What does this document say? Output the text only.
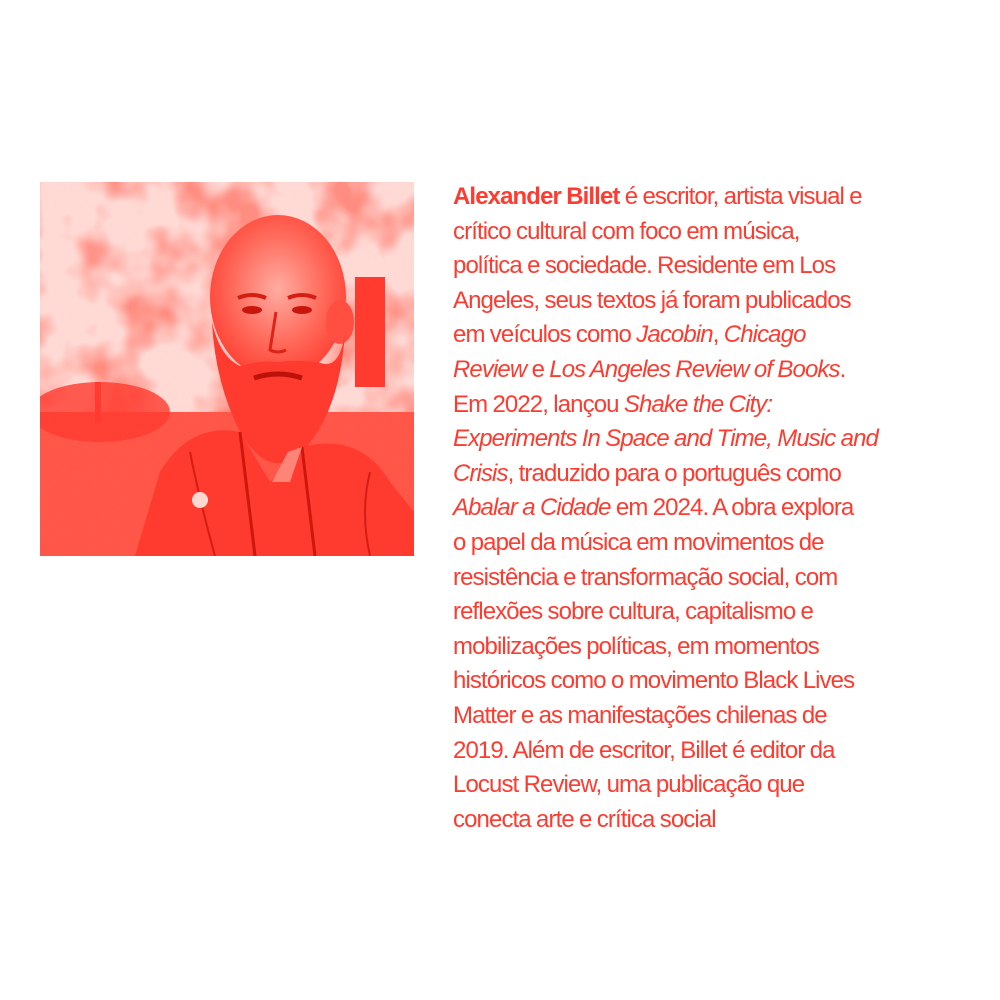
Alexander Billet é escritor, artista visual e
crítico cultural com foco em música,
política e sociedade. Residente em Los
Angeles, seus textos já foram publicados
em veículos como Jacobin, Chicago
Review e Los Angeles Review of Books.
Em 2022, lançou Shake the City:
Experiments In Space and Time, Music and
Crisis, traduzido para o português como
Abalar a Cidade em 2024. A obra explora
o papel da música em movimentos de
resistência e transformação social, com
reflexões sobre cultura, capitalismo e
mobilizações políticas, em momentos
históricos como o movimento Black Lives
Matter e as manifestações chilenas de
2019. Além de escritor, Billet é editor da
Locust Review, uma publicação que
conecta arte e crítica social
